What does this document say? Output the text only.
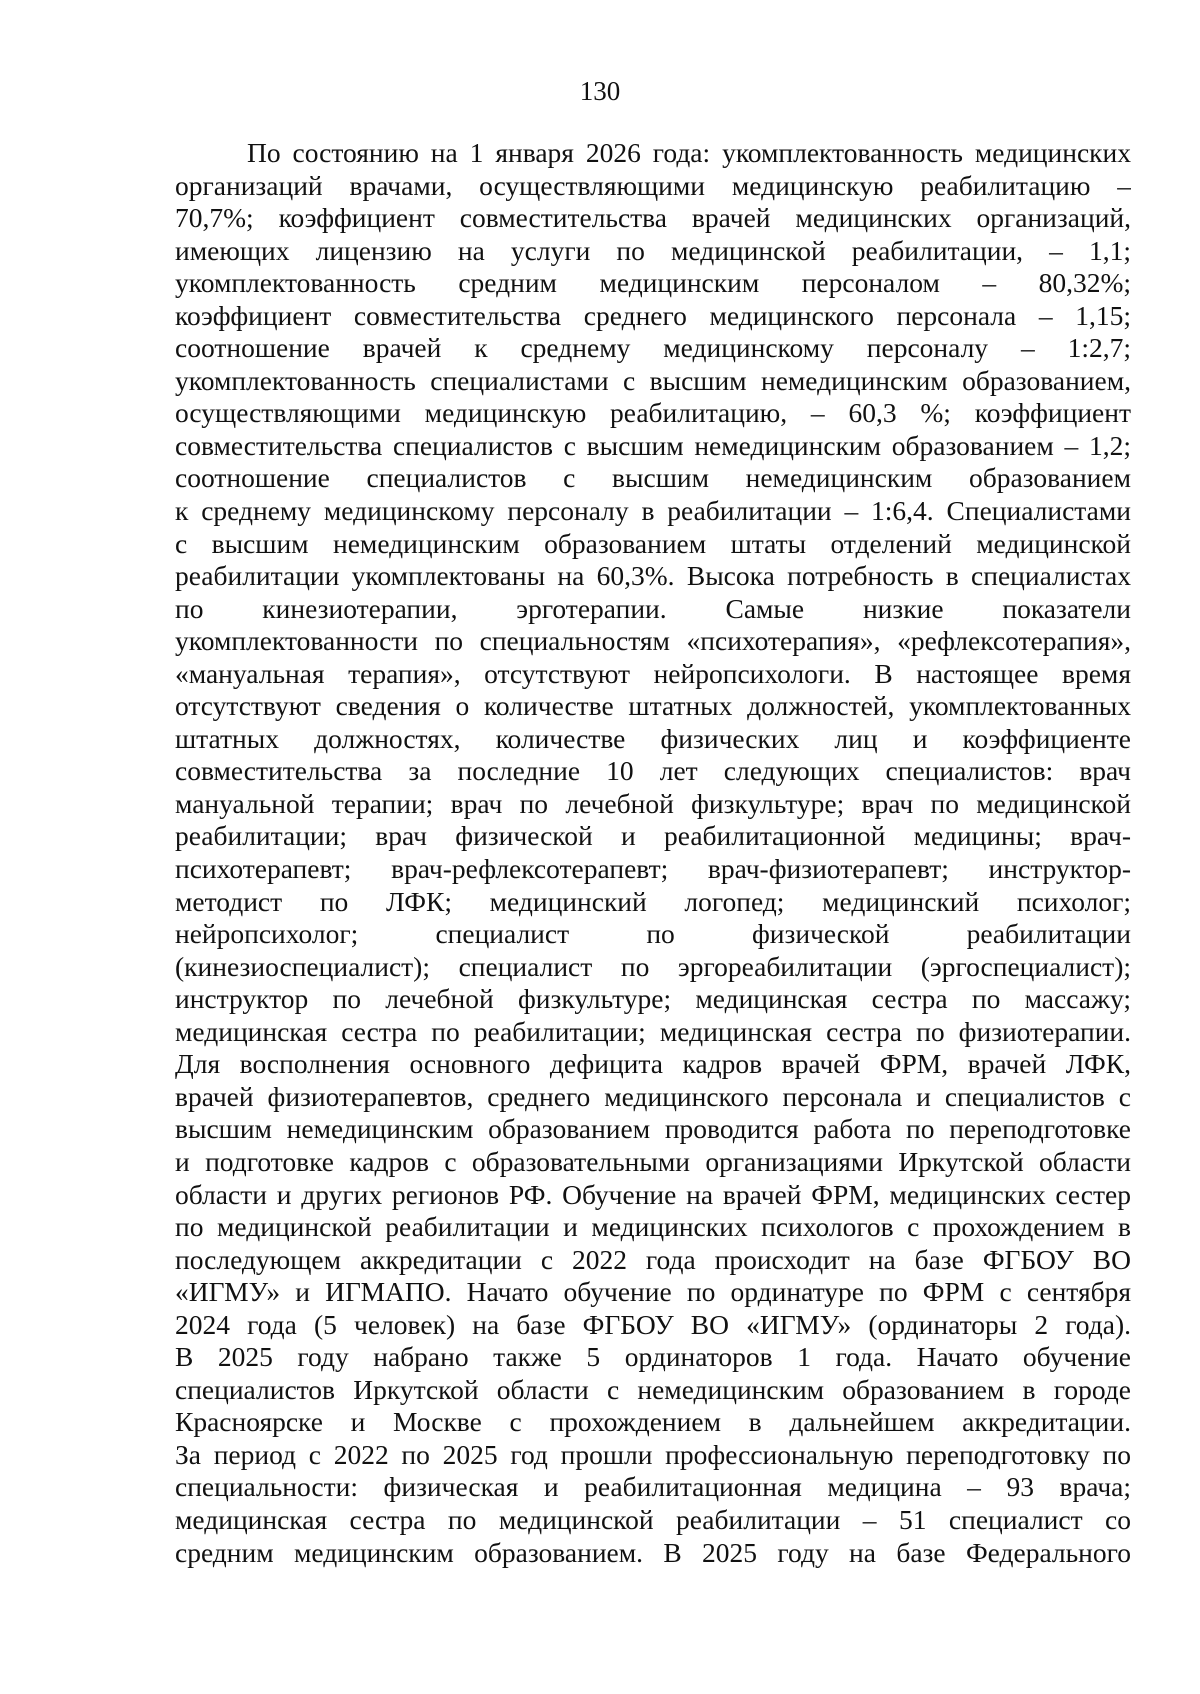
130
По состоянию на 1 января 2026 года: укомплектованность медицинских
организаций врачами, осуществляющими медицинскую реабилитацию –
70,7%; коэффициент совместительства врачей медицинских организаций,
имеющих лицензию на услуги по медицинской реабилитации, – 1,1;
укомплектованность средним медицинским персоналом – 80,32%;
коэффициент совместительства среднего медицинского персонала – 1,15;
соотношение врачей к среднему медицинскому персоналу – 1:2,7;
укомплектованность специалистами с высшим немедицинским образованием,
осуществляющими медицинскую реабилитацию, – 60,3 %; коэффициент
совместительства специалистов с высшим немедицинским образованием – 1,2;
соотношение специалистов с высшим немедицинским образованием
к среднему медицинскому персоналу в реабилитации – 1:6,4. Специалистами
с высшим немедицинским образованием штаты отделений медицинской
реабилитации укомплектованы на 60,3%. Высока потребность в специалистах
по кинезиотерапии, эрготерапии. Самые низкие показатели
укомплектованности по специальностям «психотерапия», «рефлексотерапия»,
«мануальная терапия», отсутствуют нейропсихологи. В настоящее время
отсутствуют сведения о количестве штатных должностей, укомплектованных
штатных должностях, количестве физических лиц и коэффициенте
совместительства за последние 10 лет следующих специалистов: врач
мануальной терапии; врач по лечебной физкультуре; врач по медицинской
реабилитации; врач физической и реабилитационной медицины; врач-
психотерапевт; врач-рефлексотерапевт; врач-физиотерапевт; инструктор-
методист по ЛФК; медицинский логопед; медицинский психолог;
нейропсихолог; специалист по физической реабилитации
(кинезиоспециалист); специалист по эргореабилитации (эргоспециалист);
инструктор по лечебной физкультуре; медицинская сестра по массажу;
медицинская сестра по реабилитации; медицинская сестра по физиотерапии.
Для восполнения основного дефицита кадров врачей ФРМ, врачей ЛФК,
врачей физиотерапевтов, среднего медицинского персонала и специалистов с
высшим немедицинским образованием проводится работа по переподготовке
и подготовке кадров с образовательными организациями Иркутской области
области и других регионов РФ. Обучение на врачей ФРМ, медицинских сестер
по медицинской реабилитации и медицинских психологов с прохождением в
последующем аккредитации с 2022 года происходит на базе ФГБОУ ВО
«ИГМУ» и ИГМАПО. Начато обучение по ординатуре по ФРМ с сентября
2024 года (5 человек) на базе ФГБОУ ВО «ИГМУ» (ординаторы 2 года).
В 2025 году набрано также 5 ординаторов 1 года. Начато обучение
специалистов Иркутской области с немедицинским образованием в городе
Красноярске и Москве с прохождением в дальнейшем аккредитации.
За период с 2022 по 2025 год прошли профессиональную переподготовку по
специальности: физическая и реабилитационная медицина – 93 врача;
медицинская сестра по медицинской реабилитации – 51 специалист со
средним медицинским образованием. В 2025 году на базе Федерального
